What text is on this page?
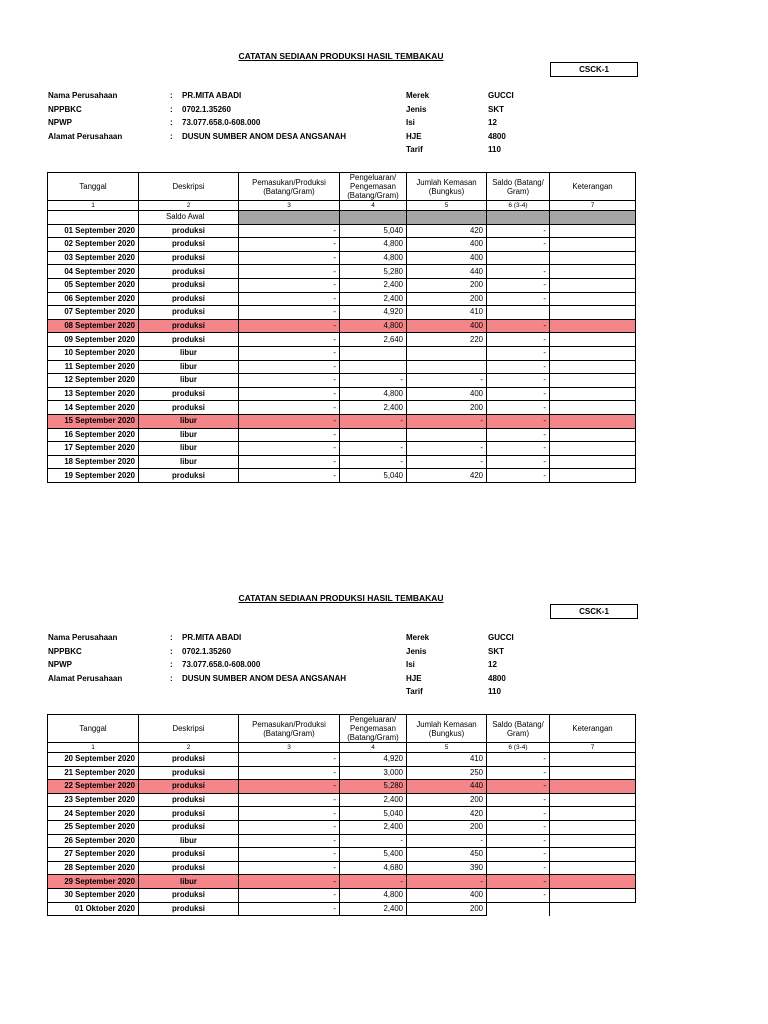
CATATAN SEDIAAN PRODUKSI HASIL TEMBAKAU
CSCK-1
Nama Perusahaan	: PR.MITA ABADI
NPPBKC	: 0702.1.35260
NPWP	: 73.077.658.0-608.000
Alamat Perusahaan	: DUSUN SUMBER ANOM DESA ANGSANAH
Merek	GUCCI
Jenis	SKT
Isi	12
HJE	4800
Tarif	110
Tanggal	Deskripsi	Pemasukan/Produksi (Batang/Gram)	Pengeluaran/ Pengemasan (Batang/Gram)	Jumlah Kemasan (Bungkus)	Saldo (Batang/ Gram)	Keterangan
1	2	3	4	5	6 (3-4)	7
	Saldo Awal					
01 September 2020	produksi	-	5,040	420	-	
02 September 2020	produksi	-	4,800	400	-	
03 September 2020	produksi	-	4,800	400		
04 September 2020	produksi	-	5,280	440	-	
05 September 2020	produksi	-	2,400	200	-	
06 September 2020	produksi	-	2,400	200	-	
07 September 2020	produksi	-	4,920	410		
08 September 2020	produksi	-	4,800	400	-	
09 September 2020	produksi	-	2,640	220	-	
10 September 2020	libur	-			-	
11 September 2020	libur	-			-	
12 September 2020	libur	-	-	-	-	
13 September 2020	produksi	-	4,800	400	-	
14 September 2020	produksi	-	2,400	200	-	
15 September 2020	libur	-	-	-	-	
16 September 2020	libur	-			-	
17 September 2020	libur	-	-	-	-	
18 September 2020	libur	-	-	-	-	
19 September 2020	produksi	-	5,040	420	-	
CATATAN SEDIAAN PRODUKSI HASIL TEMBAKAU
CSCK-1
Nama Perusahaan	: PR.MITA ABADI
NPPBKC	: 0702.1.35260
NPWP	: 73.077.658.0-608.000
Alamat Perusahaan	: DUSUN SUMBER ANOM DESA ANGSANAH
Merek	GUCCI
Jenis	SKT
Isi	12
HJE	4800
Tarif	110
Tanggal	Deskripsi	Pemasukan/Produksi (Batang/Gram)	Pengeluaran/ Pengemasan (Batang/Gram)	Jumlah Kemasan (Bungkus)	Saldo (Batang/ Gram)	Keterangan
1	2	3	4	5	6 (3-4)	7
20 September 2020	produksi	-	4,920	410	-	
21 September 2020	produksi	-	3,000	250	-	
22 September 2020	produksi	-	5,280	440	-	
23 September 2020	produksi	-	2,400	200	-	
24 September 2020	produksi	-	5,040	420	-	
25 September 2020	produksi	-	2,400	200	-	
26 September 2020	libur	-	-	-	-	
27 September 2020	produksi	-	5,400	450	-	
28 September 2020	produksi	-	4,680	390	-	
29 September 2020	libur	-	-	-	-	
30 September 2020	produksi	-	4,800	400	-	
01 Oktober 2020	produksi	-	2,400	200		
